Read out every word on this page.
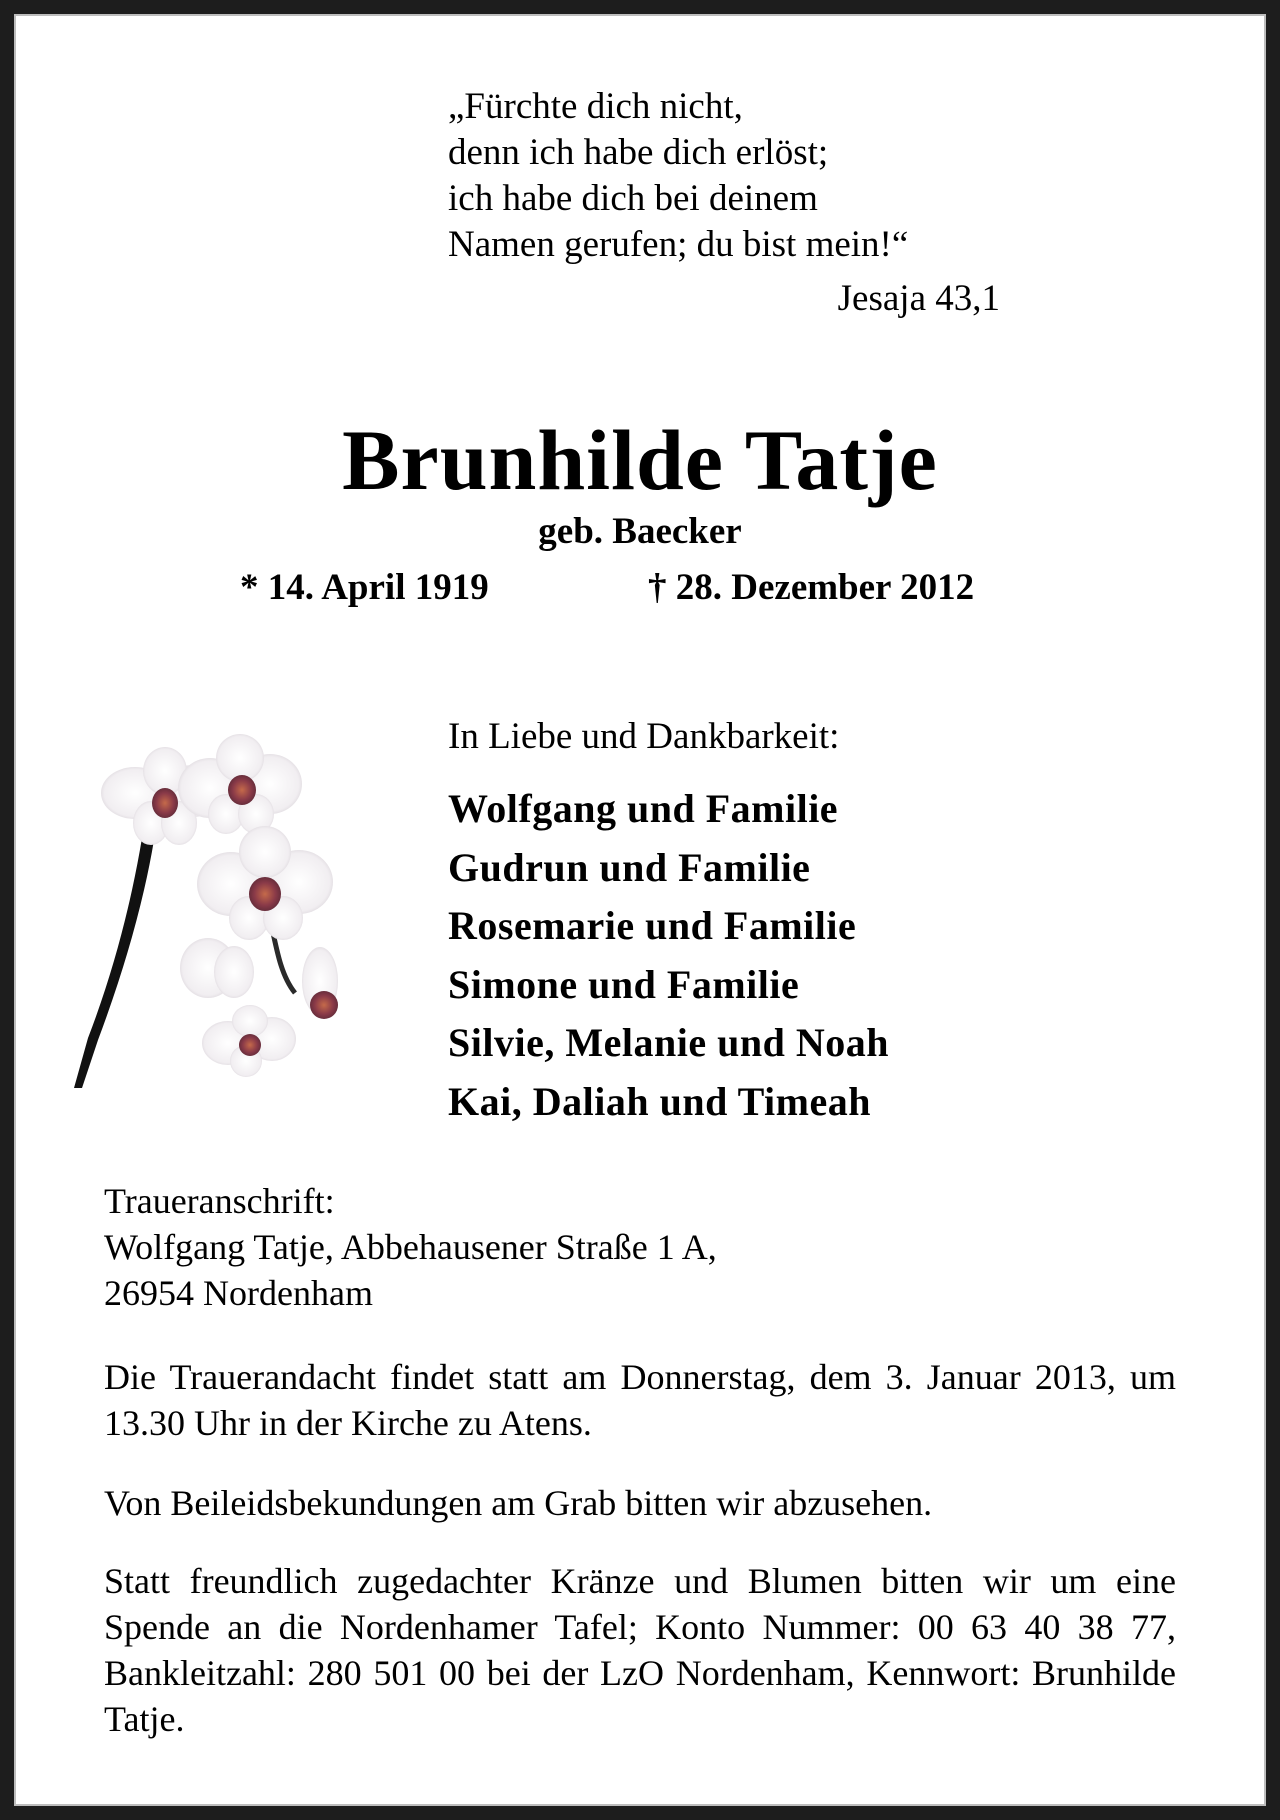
„Fürchte dich nicht,
denn ich habe dich erlöst;
ich habe dich bei deinem
Namen gerufen; du bist mein!“
Jesaja 43,1
Brunhilde Tatje
geb. Baecker
* 14. April 1919	† 28. Dezember 2012
In Liebe und Dankbarkeit:
Wolfgang und Familie
Gudrun und Familie
Rosemarie und Familie
Simone und Familie
Silvie, Melanie und Noah
Kai, Daliah und Timeah
Traueranschrift:
Wolfgang Tatje, Abbehausener Straße 1 A,
26954 Nordenham
Die Trauerandacht findet statt am Donnerstag, dem 3. Januar 2013, um 13.30 Uhr in der Kirche zu Atens.
Von Beileidsbekundungen am Grab bitten wir abzusehen.
Statt freundlich zugedachter Kränze und Blumen bitten wir um eine Spende an die Nordenhamer Tafel; Konto Nummer: 00 63 40 38 77, Bankleitzahl: 280 501 00 bei der LzO Nordenham, Kennwort: Brunhilde Tatje.
